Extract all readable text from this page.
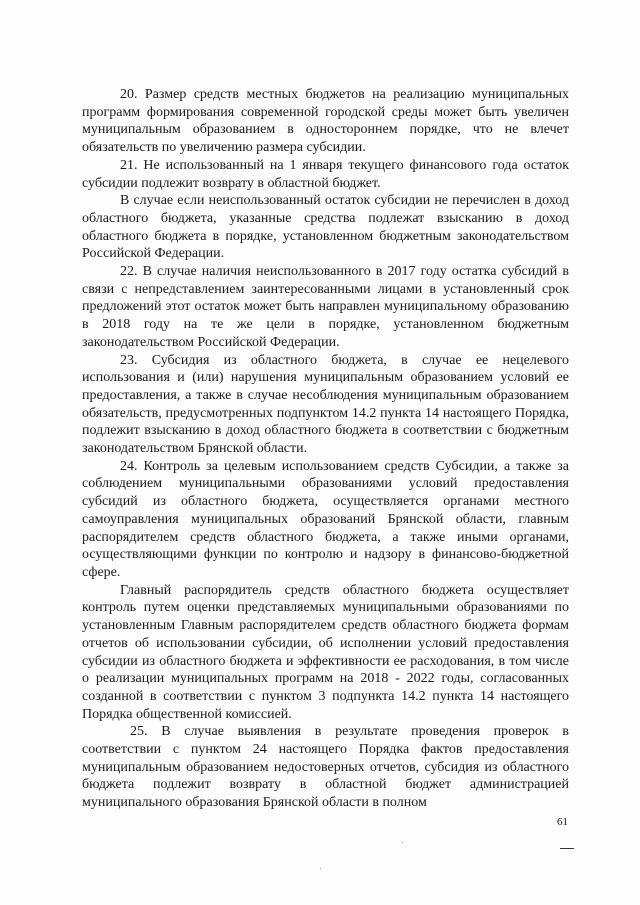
20. Размер средств местных бюджетов на реализацию муниципальных программ формирования современной городской среды может быть увеличен муниципальным образованием в одностороннем порядке, что не влечет обязательств по увеличению размера субсидии.

21. Не использованный на 1 января текущего финансового года остаток субсидии подлежит возврату в областной бюджет.

В случае если неиспользованный остаток субсидии не перечислен в доход областного бюджета, указанные средства подлежат взысканию в доход областного бюджета в порядке, установленном бюджетным законодательством Российской Федерации.

22. В случае наличия неиспользованного в 2017 году остатка субсидий в связи с непредставлением заинтересованными лицами в установленный срок предложений этот остаток может быть направлен муниципальному образованию в 2018 году на те же цели в порядке, установленном бюджетным законодательством Российской Федерации.

23. Субсидия из областного бюджета, в случае ее нецелевого использования и (или) нарушения муниципальным образованием условий ее предоставления, а также в случае несоблюдения муниципальным образованием обязательств, предусмотренных подпунктом 14.2 пункта 14 настоящего Порядка, подлежит взысканию в доход областного бюджета в соответствии с бюджетным законодательством Брянской области.

24. Контроль за целевым использованием средств Субсидии, а также за соблюдением муниципальными образованиями условий предоставления субсидий из областного бюджета, осуществляется органами местного самоуправления муниципальных образований Брянской области, главным распорядителем средств областного бюджета, а также иными органами, осуществляющими функции по контролю и надзору в финансово-бюджетной сфере.

Главный распорядитель средств областного бюджета осуществляет контроль путем оценки представляемых муниципальными образованиями по установленным Главным распорядителем средств областного бюджета формам отчетов об использовании субсидии, об исполнении условий предоставления субсидии из областного бюджета и эффективности ее расходования, в том числе о реализации муниципальных программ на 2018 - 2022 годы, согласованных созданной в соответствии с пунктом 3 подпункта 14.2 пункта 14 настоящего Порядка общественной комиссией.

25. В случае выявления в результате проведения проверок в соответствии с пунктом 24 настоящего Порядка фактов предоставления муниципальным образованием недостоверных отчетов, субсидия из областного бюджета подлежит возврату в областной бюджет администрацией муниципального образования Брянской области в полном

61
